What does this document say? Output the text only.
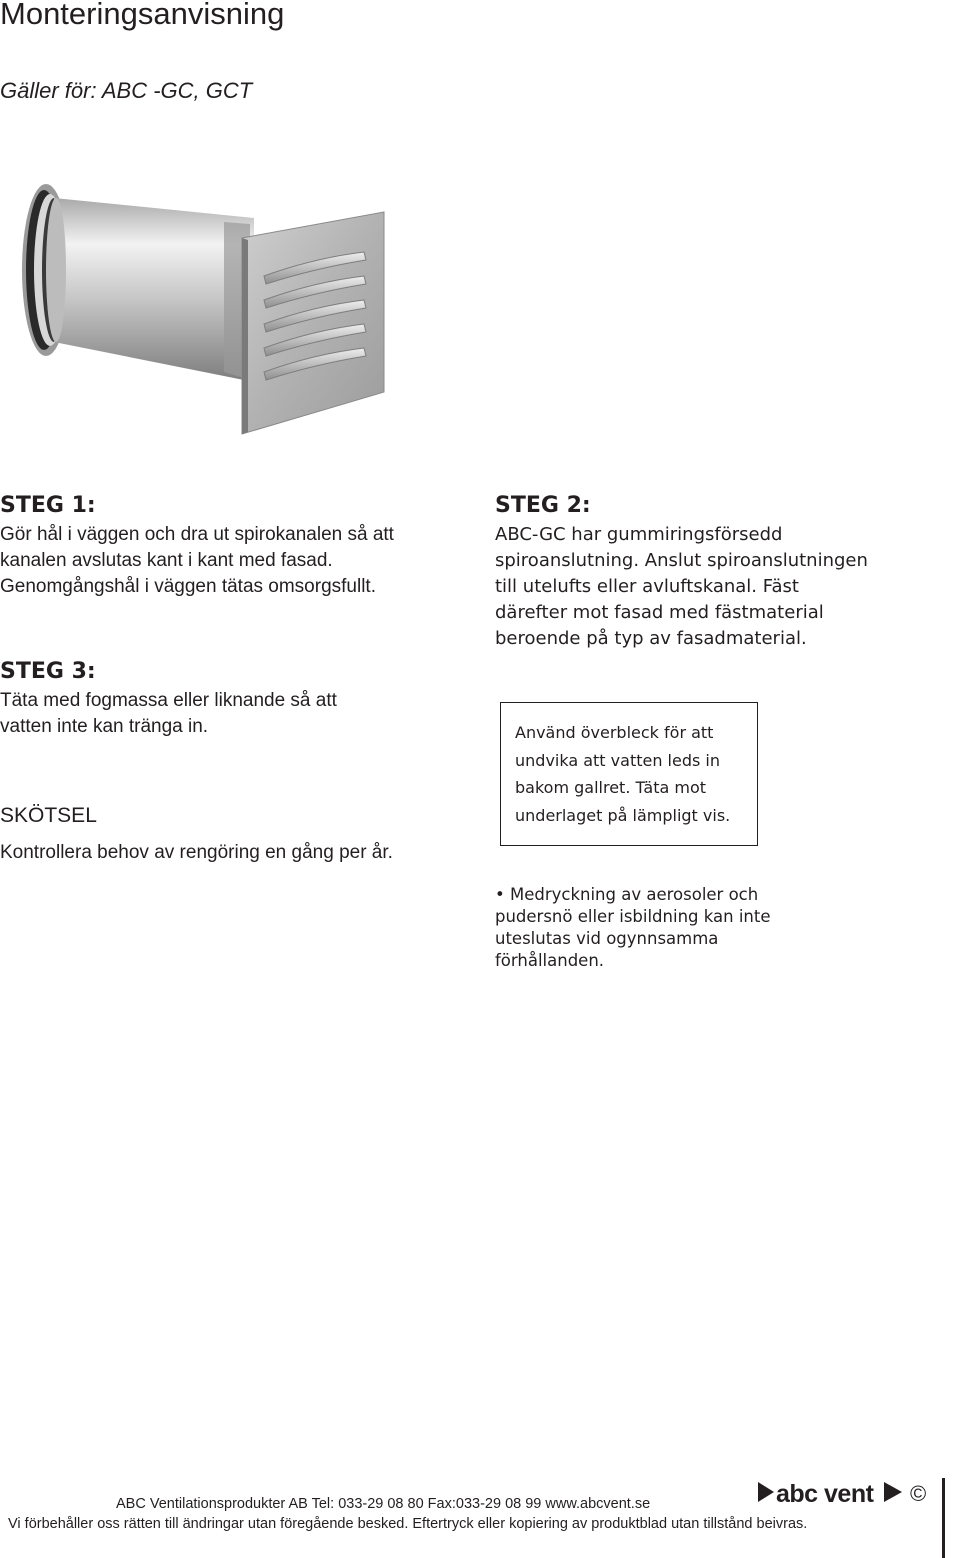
Monteringsanvisning
Gäller för: ABC -GC, GCT
STEG 1:
Gör hål i väggen och dra ut spirokanalen så att
kanalen avslutas kant i kant med fasad.
Genomgångshål i väggen tätas omsorgsfullt.
STEG 3:
Täta med fogmassa eller liknande så att
vatten inte kan tränga in.
SKÖTSEL
Kontrollera behov av rengöring en gång per år.
STEG 2:
ABC-GC har gummiringsförsedd
spiroanslutning. Anslut spiroanslutningen
till utelufts eller avluftskanal. Fäst
därefter mot fasad med fästmaterial
beroende på typ av fasadmaterial.
Använd överbleck för att
undvika att vatten leds in
bakom gallret. Täta mot
underlaget på lämpligt vis.
• Medryckning av aerosoler och
pudersnö eller isbildning kan inte
uteslutas vid ogynnsamma
förhållanden.
abc vent ©
ABC Ventilationsprodukter AB Tel: 033-29 08 80 Fax:033-29 08 99 www.abcvent.se
Vi förbehåller oss rätten till ändringar utan föregående besked. Eftertryck eller kopiering av produktblad utan tillstånd beivras.
